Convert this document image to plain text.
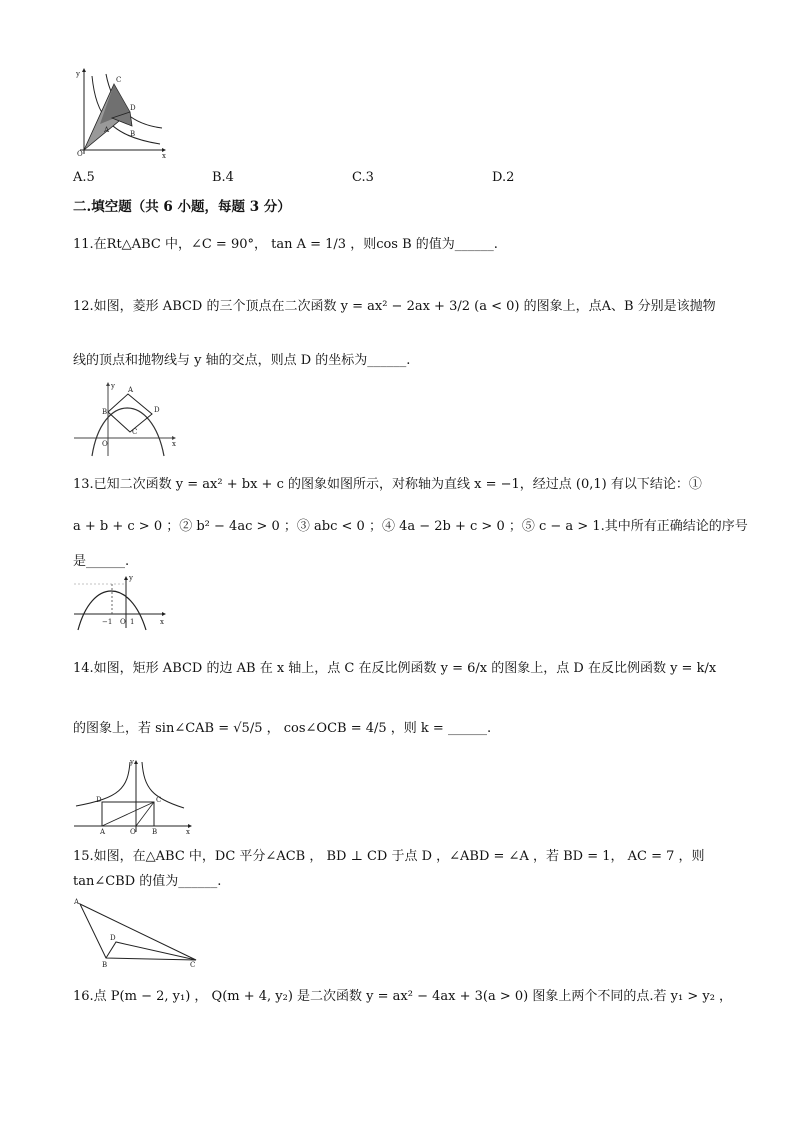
y
x
O
C
D
A	B
A.5	B.4	C.3	D.2
二.填空题（共 6 小题，每题 3 分）
11.在Rt△ABC 中，∠C = 90°， tan A = 1/3 ，则cos B 的值为______.
12.如图，菱形 ABCD 的三个顶点在二次函数 y = ax² − 2ax + 3/2 (a < 0) 的图象上，点A、B 分别是该抛物
线的顶点和抛物线与 y 轴的交点，则点 D 的坐标为______.
A
B
C
D
O	x
y
13.已知二次函数 y = ax² + bx + c 的图象如图所示，对称轴为直线 x = −1，经过点 (0,1) 有以下结论：①
a + b + c > 0 ；② b² − 4ac > 0 ；③ abc < 0 ；④ 4a − 2b + c > 0 ；⑤ c − a > 1.其中所有正确结论的序号
是______.
y
x
O
−1	1
14.如图，矩形 ABCD 的边 AB 在 x 轴上，点 C 在反比例函数 y = 6/x 的图象上，点 D 在反比例函数 y = k/x
的图象上，若 sin∠CAB = √5/5 ， cos∠OCB = 4/5 ，则 k = ______.
y
x
A	B
C
D
O
15.如图，在△ABC 中，DC 平分∠ACB ， BD ⊥ CD 于点 D ，∠ABD = ∠A ，若 BD = 1， AC = 7 ，则
tan∠CBD 的值为______.
A
B	C
D
16.点 P(m − 2, y₁) ， Q(m + 4, y₂) 是二次函数 y = ax² − 4ax + 3(a > 0) 图象上两个不同的点.若 y₁ > y₂ ，
